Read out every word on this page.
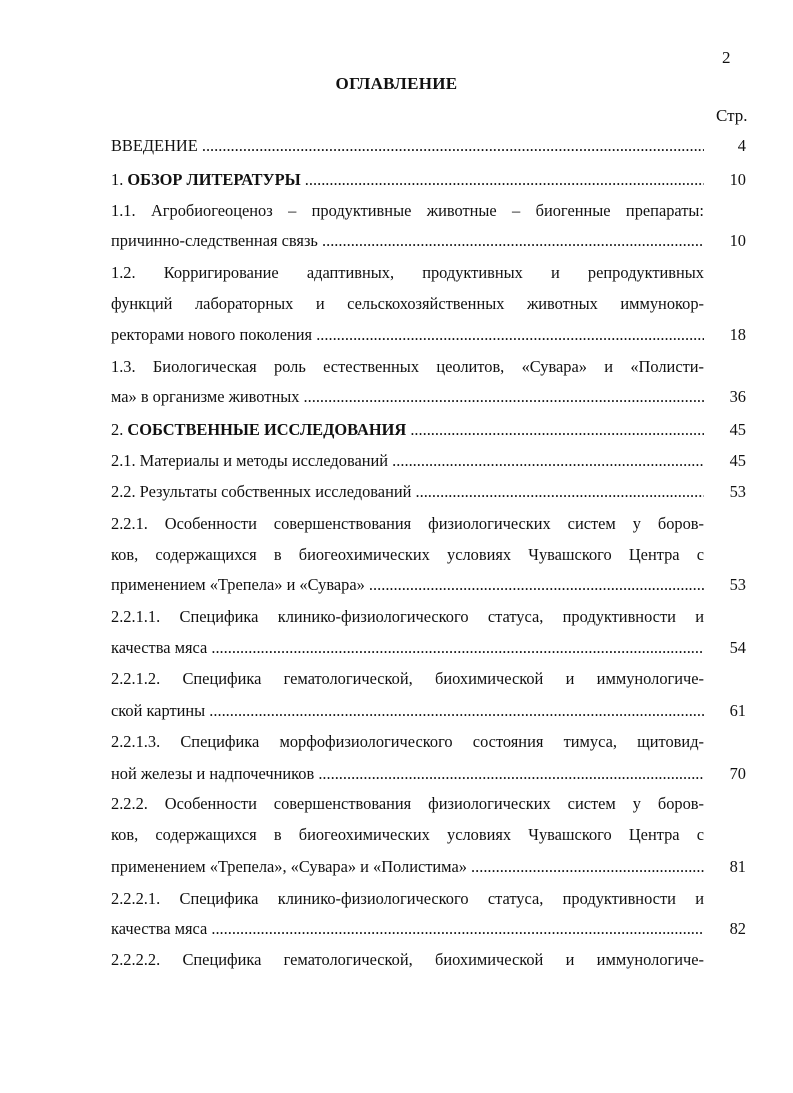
2
ОГЛАВЛЕНИЕ
Стр.
ВВЕДЕНИЕ .....	4
1. ОБЗОР ЛИТЕРАТУРЫ .....	10
1.1. Агробиогеоценоз – продуктивные животные – биогенные препараты:
причинно-следственная связь .....	10
1.2. Корригирование адаптивных, продуктивных и репродуктивных
функций лабораторных и сельскохозяйственных животных иммунокор-
ректорами нового поколения .....	18
1.3. Биологическая роль естественных цеолитов, «Сувара» и «Полисти-
ма» в организме животных .....	36
2. СОБСТВЕННЫЕ ИССЛЕДОВАНИЯ .....	45
2.1. Материалы и методы исследований .....	45
2.2. Результаты собственных исследований .....	53
2.2.1. Особенности совершенствования физиологических систем у боров-
ков, содержащихся в биогеохимических условиях Чувашского Центра с
применением «Трепела» и «Сувара» .....	53
2.2.1.1. Специфика клинико-физиологического статуса, продуктивности и
качества мяса .....	54
2.2.1.2. Специфика гематологической, биохимической и иммунологиче-
ской картины .....	61
2.2.1.3. Специфика морфофизиологического состояния тимуса, щитовид-
ной железы и надпочечников .....	70
2.2.2. Особенности совершенствования физиологических систем у боров-
ков, содержащихся в биогеохимических условиях Чувашского Центра с
применением «Трепела», «Сувара» и «Полистима» .....	81
2.2.2.1. Специфика клинико-физиологического статуса, продуктивности и
качества мяса .....	82
2.2.2.2. Специфика гематологической, биохимической и иммунологиче-
